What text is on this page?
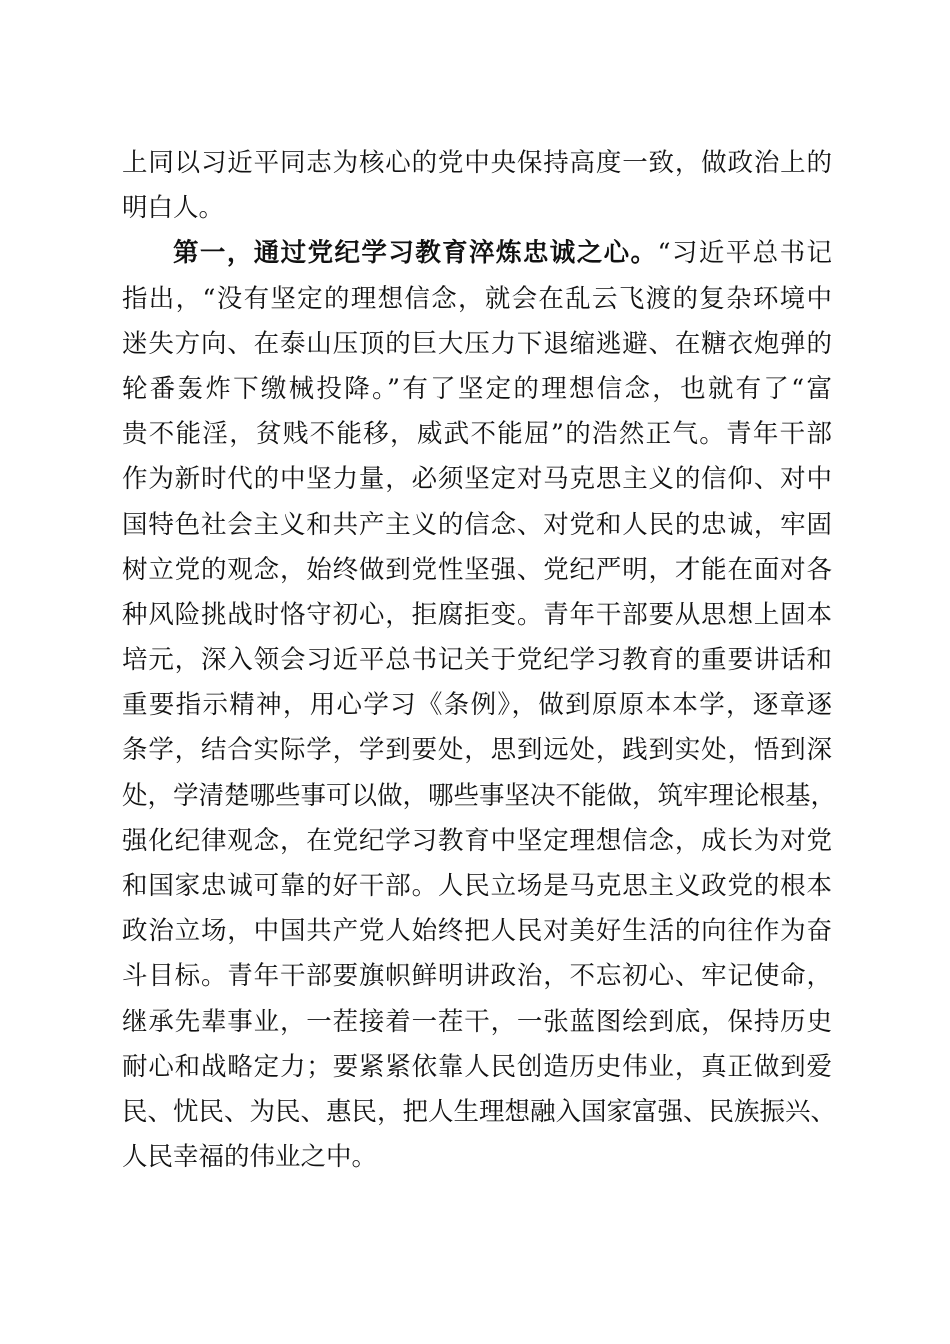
上同以习近平同志为核心的党中央保持高度一致，做政治上的
明白人。
第一，通过党纪学习教育淬炼忠诚之心。“习近平总书记
指出，“没有坚定的理想信念，就会在乱云飞渡的复杂环境中
迷失方向、在泰山压顶的巨大压力下退缩逃避、在糖衣炮弹的
轮番轰炸下缴械投降。”有了坚定的理想信念，也就有了“富
贵不能淫，贫贱不能移，威武不能屈”的浩然正气。青年干部
作为新时代的中坚力量，必须坚定对马克思主义的信仰、对中
国特色社会主义和共产主义的信念、对党和人民的忠诚，牢固
树立党的观念，始终做到党性坚强、党纪严明，才能在面对各
种风险挑战时恪守初心，拒腐拒变。青年干部要从思想上固本
培元，深入领会习近平总书记关于党纪学习教育的重要讲话和
重要指示精神，用心学习《条例》，做到原原本本学，逐章逐
条学，结合实际学，学到要处，思到远处，践到实处，悟到深
处，学清楚哪些事可以做，哪些事坚决不能做，筑牢理论根基，
强化纪律观念，在党纪学习教育中坚定理想信念，成长为对党
和国家忠诚可靠的好干部。人民立场是马克思主义政党的根本
政治立场，中国共产党人始终把人民对美好生活的向往作为奋
斗目标。青年干部要旗帜鲜明讲政治，不忘初心、牢记使命，
继承先辈事业，一茬接着一茬干，一张蓝图绘到底，保持历史
耐心和战略定力；要紧紧依靠人民创造历史伟业，真正做到爱
民、忧民、为民、惠民，把人生理想融入国家富强、民族振兴、
人民幸福的伟业之中。
